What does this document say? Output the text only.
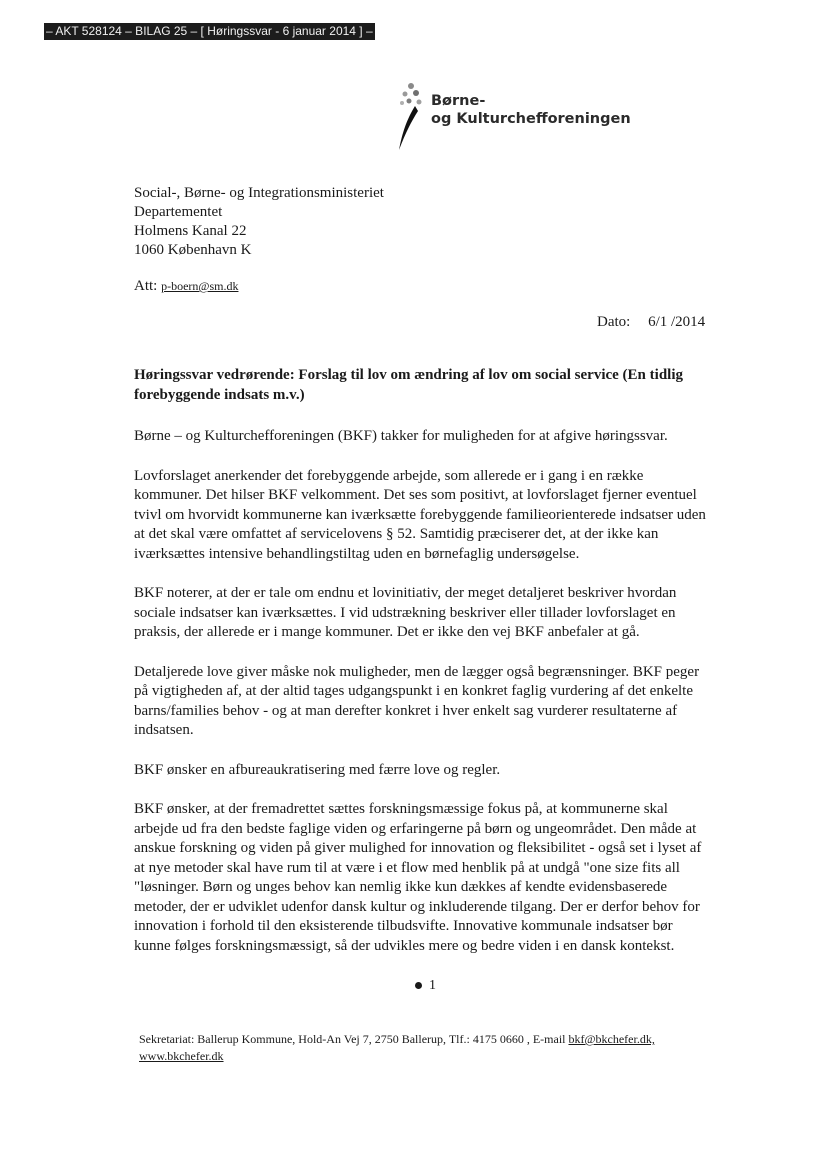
– AKT 528124 – BILAG 25 – [ Høringssvar - 6 januar 2014 ] –
Børne-
og Kulturchefforeningen
Social-, Børne- og Integrationsministeriet
Departementet
Holmens Kanal 22
1060 København K
Att: p-boern@sm.dk
Dato: 6/1 /2014

Høringssvar vedrørende: Forslag til lov om ændring af lov om social service (En tidlig forebyggende indsats m.v.)

Børne – og Kulturchefforeningen (BKF) takker for muligheden for at afgive høringssvar.

Lovforslaget anerkender det forebyggende arbejde, som allerede er i gang i en række kommuner. Det hilser BKF velkomment. Det ses som positivt, at lovforslaget fjerner eventuel tvivl om hvorvidt kommunerne kan iværksætte forebyggende familieorienterede indsatser uden at det skal være omfattet af servicelovens § 52. Samtidig præciserer det, at der ikke kan iværksættes intensive behandlingstiltag uden en børnefaglig undersøgelse.

BKF noterer, at der er tale om endnu et lovinitiativ, der meget detaljeret beskriver hvordan sociale indsatser kan iværksættes. I vid udstrækning beskriver eller tillader lovforslaget en praksis, der allerede er i mange kommuner. Det er ikke den vej BKF anbefaler at gå.

Detaljerede love giver måske nok muligheder, men de lægger også begrænsninger. BKF peger på vigtigheden af, at der altid tages udgangspunkt i en konkret faglig vurdering af det enkelte barns/families behov - og at man derefter konkret i hver enkelt sag vurderer resultaterne af indsatsen.

BKF ønsker en afbureaukratisering med færre love og regler.

BKF ønsker, at der fremadrettet sættes forskningsmæssige fokus på, at kommunerne skal arbejde ud fra den bedste faglige viden og erfaringerne på børn og ungeområdet. Den måde at anskue forskning og viden på giver mulighed for innovation og fleksibilitet - også set i lyset af at nye metoder skal have rum til at være i et flow med henblik på at undgå "one size fits all "løsninger. Børn og unges behov kan nemlig ikke kun dækkes af kendte evidensbaserede metoder, der er udviklet udenfor dansk kultur og inkluderende tilgang. Der er derfor behov for innovation i forhold til den eksisterende tilbudsvifte. Innovative kommunale indsatser bør kunne følges forskningsmæssigt, så der udvikles mere og bedre viden i en dansk kontekst.

1
Sekretariat: Ballerup Kommune, Hold-An Vej 7, 2750 Ballerup, Tlf.: 4175 0660 , E-mail bkf@bkchefer.dk,
www.bkchefer.dk
